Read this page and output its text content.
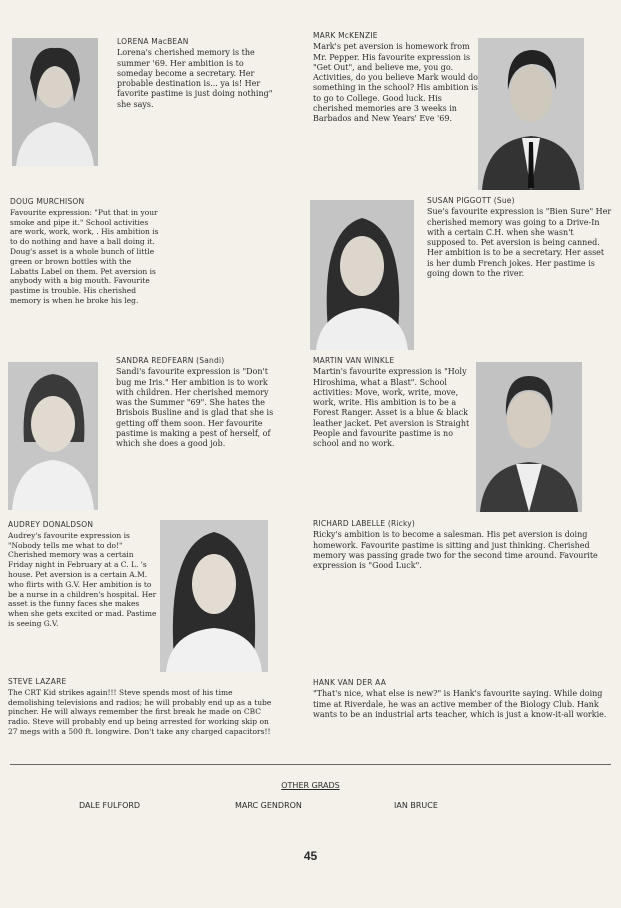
LORENA MacBEAN
Lorena's cherished memory is the summer '69. Her ambition is to someday become a secretary. Her probable destination is... ya is! Her favorite pastime is just doing nothing" she says.
MARK McKENZIE
Mark's pet aversion is homework from Mr. Pepper. His favourite expression is "Get Out", and believe me, you go. Activities, do you believe Mark would do something in the school? His ambition is to go to College. Good luck. His cherished memories are 3 weeks in Barbados and New Years' Eve '69.
DOUG MURCHISON
Favourite expression: "Put that in your smoke and pipe it." School activities are work, work, work, . His ambition is to do nothing and have a ball doing it. Doug's asset is a whole bunch of little green or brown bottles with the Labatts Label on them. Pet aversion is anybody with a big mouth. Favourite pastime is trouble. His cherished memory is when he broke his leg.
SUSAN PIGGOTT (Sue)
Sue's favourite expression is "Bien Sure" Her cherished memory was going to a Drive-In with a certain C.H. when she wasn't supposed to. Pet aversion is being canned. Her ambition is to be a secretary. Her asset is her dumb French jokes. Her pastime is going down to the river.
SANDRA REDFEARN (Sandi)
Sandi's favourite expression is "Don't bug me Iris." Her ambition is to work with children. Her cherished memory was the Summer "69". She hates the Brisbois Busline and is glad that she is getting off them soon. Her favourite pastime is making a pest of herself, of which she does a good job.
MARTIN VAN WINKLE
Martin's favourite expression is "Holy Hiroshima, what a Blast". School activities: Move, work, write, move, work, write. His ambition is to be a Forest Ranger. Asset is a blue & black leather jacket. Pet aversion is Straight People and favourite pastime is no school and no work.
AUDREY DONALDSON
Audrey's favourite expression is "Nobody tells me what to do!" Cherished memory was a certain Friday night in February at a C. L. 's house. Pet aversion is a certain A.M. who flirts with G.V. Her ambition is to be a nurse in a children's hospital. Her asset is the funny faces she makes when she gets excited or mad. Pastime is seeing G.V.
RICHARD LABELLE (Ricky)
Ricky's ambition is to become a salesman. His pet aversion is doing homework. Favourite pastime is sitting and just thinking. Cherished memory was passing grade two for the second time around. Favourite expression is "Good Luck".
STEVE LAZARE
The CRT Kid strikes again!!! Steve spends most of his time demolishing televisions and radios; he will probably end up as a tube pincher. He will always remember the first break he made on CBC radio. Steve will probably end up being arrested for working skip on 27 megs with a 500 ft. longwire. Don't take any charged capacitors!!
HANK VAN DER AA
"That's nice, what else is new?" is Hank's favourite saying. While doing time at Riverdale, he was an active member of the Biology Club. Hank wants to be an industrial arts teacher, which is just a know-it-all workie.
OTHER GRADS
DALE FULFORD	MARC GENDRON	IAN BRUCE
45
